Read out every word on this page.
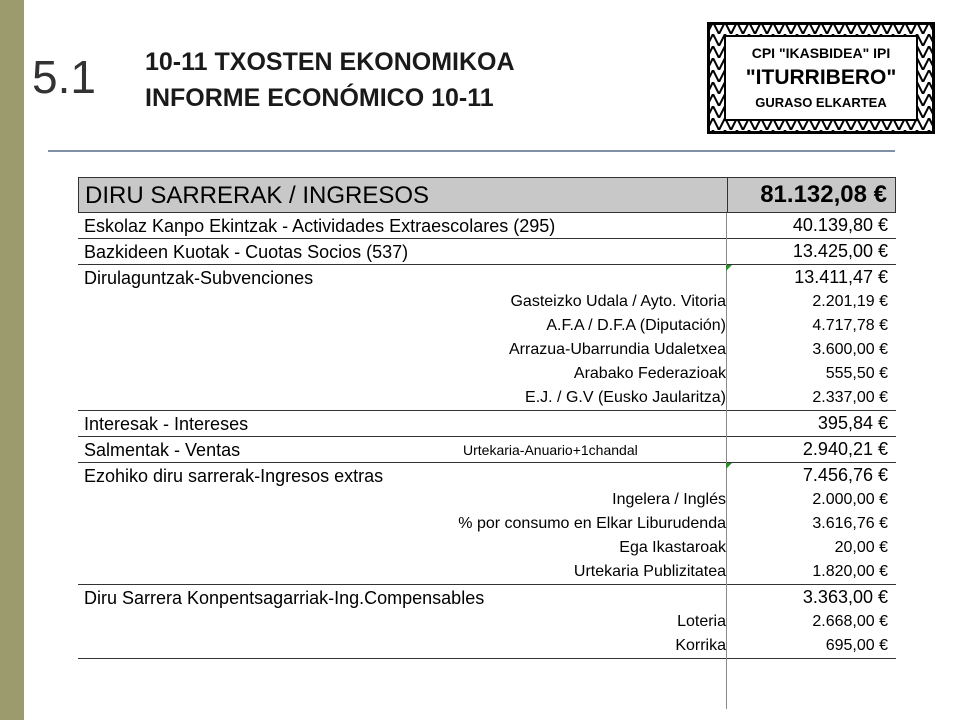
5.1 10-11 TXOSTEN EKONOMIKOA
INFORME ECONÓMICO 10-11
CPI "IKASBIDEA" IPI
"ITURRIBERO"
GURASO ELKARTEA
DIRU SARRERAK / INGRESOS	81.132,08 €
Eskolaz Kanpo Ekintzak - Actividades Extraescolares (295)	40.139,80 €
Bazkideen Kuotak - Cuotas Socios (537)	13.425,00 €
Dirulaguntzak-Subvenciones	13.411,47 €
Gasteizko Udala / Ayto. Vitoria	2.201,19 €
A.F.A / D.F.A (Diputación)	4.717,78 €
Arrazua-Ubarrundia Udaletxea	3.600,00 €
Arabako Federazioak	555,50 €
E.J. / G.V (Eusko Jaularitza)	2.337,00 €
Interesak - Intereses	395,84 €
Salmentak - Ventas	Urtekaria-Anuario+1chandal	2.940,21 €
Ezohiko diru sarrerak-Ingresos extras	7.456,76 €
Ingelera / Inglés	2.000,00 €
% por consumo en Elkar Liburudenda	3.616,76 €
Ega Ikastaroak	20,00 €
Urtekaria Publizitatea	1.820,00 €
Diru Sarrera Konpentsagarriak-Ing.Compensables	3.363,00 €
Loteria	2.668,00 €
Korrika	695,00 €
